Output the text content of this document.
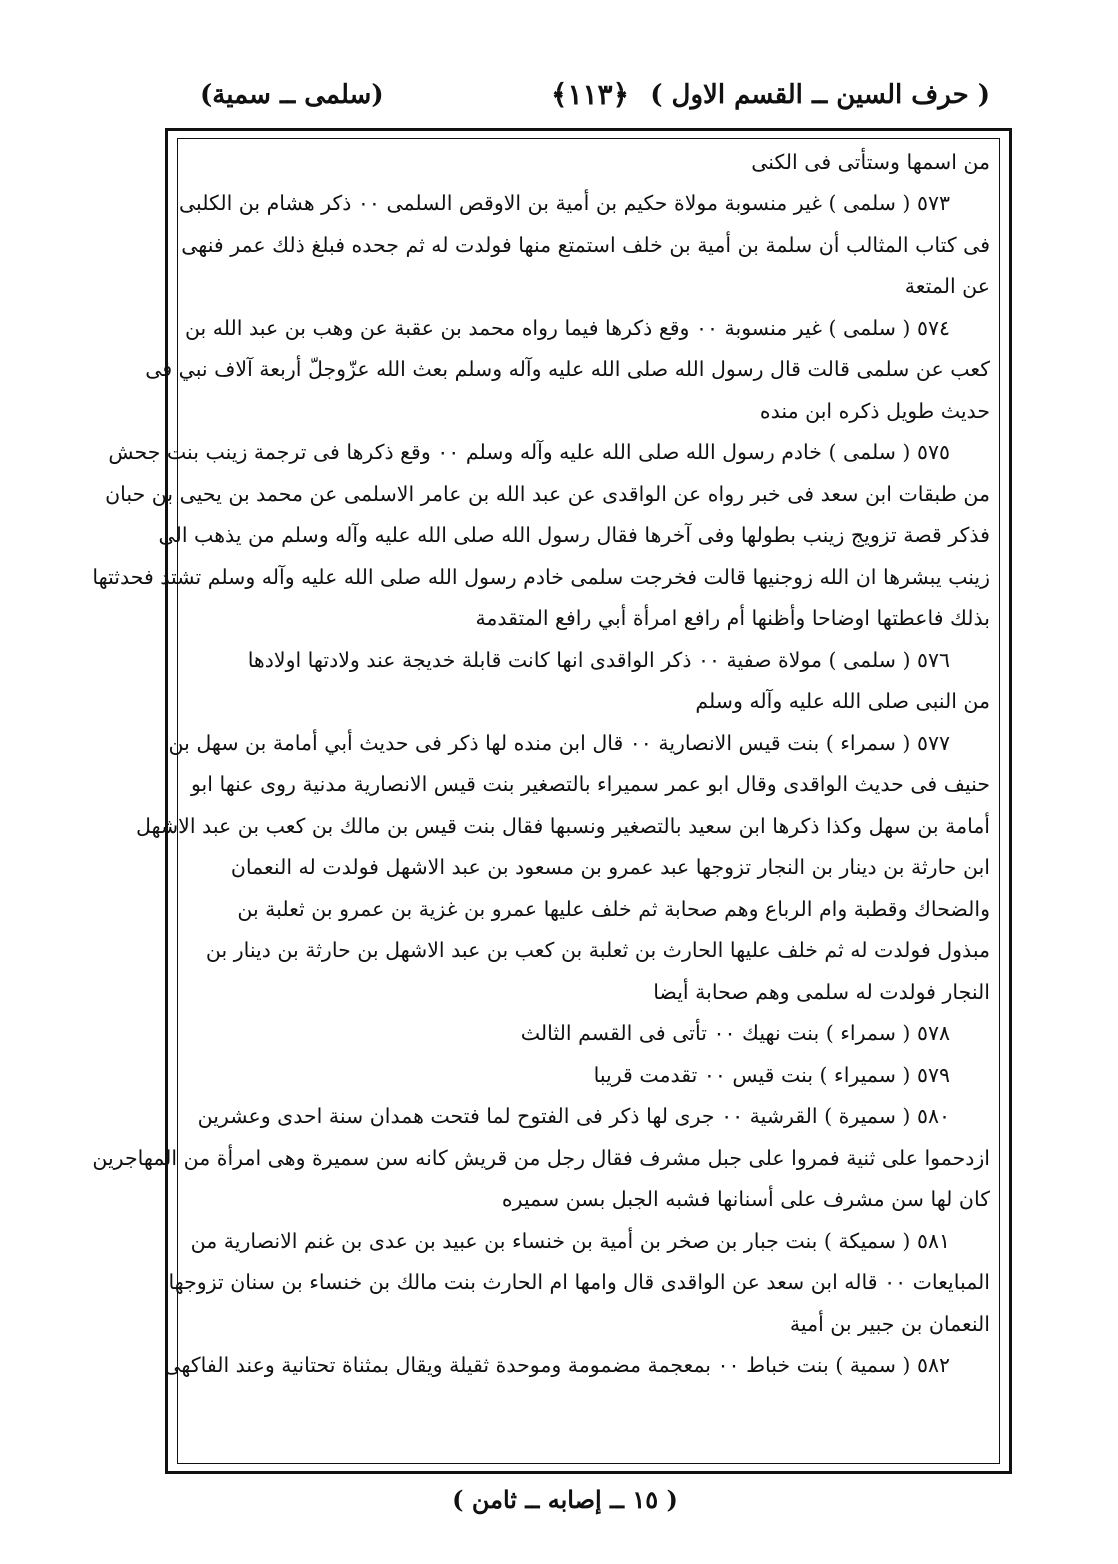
( حرف السين ــ القسم الاول )
﴿١١٣﴾
(سلمى ــ سمية)
من اسمها وستأتى فى الكنى
٥٧٣ ( سلمى ) غير منسوبة مولاة حكيم بن أمية بن الاوقص السلمى ٠٠ ذكر هشام بن الكلبى
فى كتاب المثالب أن سلمة بن أمية بن خلف استمتع منها فولدت له ثم جحده فبلغ ذلك عمر فنهى
عن المتعة
٥٧٤ ( سلمى ) غير منسوبة ٠٠ وقع ذكرها فيما رواه محمد بن عقبة عن وهب بن عبد الله بن
كعب عن سلمى قالت قال رسول الله صلى الله عليه وآله وسلم بعث الله عزّوجلّ أربعة آلاف نبي فى
حديث طويل ذكره ابن منده
٥٧٥ ( سلمى ) خادم رسول الله صلى الله عليه وآله وسلم ٠٠ وقع ذكرها فى ترجمة زينب بنت جحش
من طبقات ابن سعد فى خبر رواه عن الواقدى عن عبد الله بن عامر الاسلمى عن محمد بن يحيى بن حبان
فذكر قصة تزويج زينب بطولها وفى آخرها فقال رسول الله صلى الله عليه وآله وسلم من يذهب الى
زينب يبشرها ان الله زوجنيها قالت فخرجت سلمى خادم رسول الله صلى الله عليه وآله وسلم تشتد فحدثتها
بذلك فاعطتها اوضاحا وأظنها أم رافع امرأة أبي رافع المتقدمة
٥٧٦ ( سلمى ) مولاة صفية ٠٠ ذكر الواقدى انها كانت قابلة خديجة عند ولادتها اولادها
من النبى صلى الله عليه وآله وسلم
٥٧٧ ( سمراء ) بنت قيس الانصارية ٠٠ قال ابن منده لها ذكر فى حديث أبي أمامة بن سهل بن
حنيف فى حديث الواقدى وقال ابو عمر سميراء بالتصغير بنت قيس الانصارية مدنية روى عنها ابو
أمامة بن سهل وكذا ذكرها ابن سعيد بالتصغير ونسبها فقال بنت قيس بن مالك بن كعب بن عبد الاشهل
ابن حارثة بن دينار بن النجار تزوجها عبد عمرو بن مسعود بن عبد الاشهل فولدت له النعمان
والضحاك وقطبة وام الرباع وهم صحابة ثم خلف عليها عمرو بن غزية بن عمرو بن ثعلبة بن
مبذول فولدت له ثم خلف عليها الحارث بن ثعلبة بن كعب بن عبد الاشهل بن حارثة بن دينار بن
النجار فولدت له سلمى وهم صحابة أيضا
٥٧٨ ( سمراء ) بنت نهيك ٠٠ تأتى فى القسم الثالث
٥٧٩ ( سميراء ) بنت قيس ٠٠ تقدمت قريبا
٥٨٠ ( سميرة ) القرشية ٠٠ جرى لها ذكر فى الفتوح لما فتحت همدان سنة احدى وعشرين
ازدحموا على ثنية فمروا على جبل مشرف فقال رجل من قريش كانه سن سميرة وهى امرأة من المهاجرين
كان لها سن مشرف على أسنانها فشبه الجبل بسن سميره
٥٨١ ( سميكة ) بنت جبار بن صخر بن أمية بن خنساء بن عبيد بن عدى بن غنم الانصارية من
المبايعات ٠٠ قاله ابن سعد عن الواقدى قال وامها ام الحارث بنت مالك بن خنساء بن سنان تزوجها
النعمان بن جبير بن أمية
٥٨٢ ( سمية ) بنت خباط ٠٠ بمعجمة مضمومة وموحدة ثقيلة ويقال بمثناة تحتانية وعند الفاكهى
( ١٥ ــ إصابه ــ ثامن )
